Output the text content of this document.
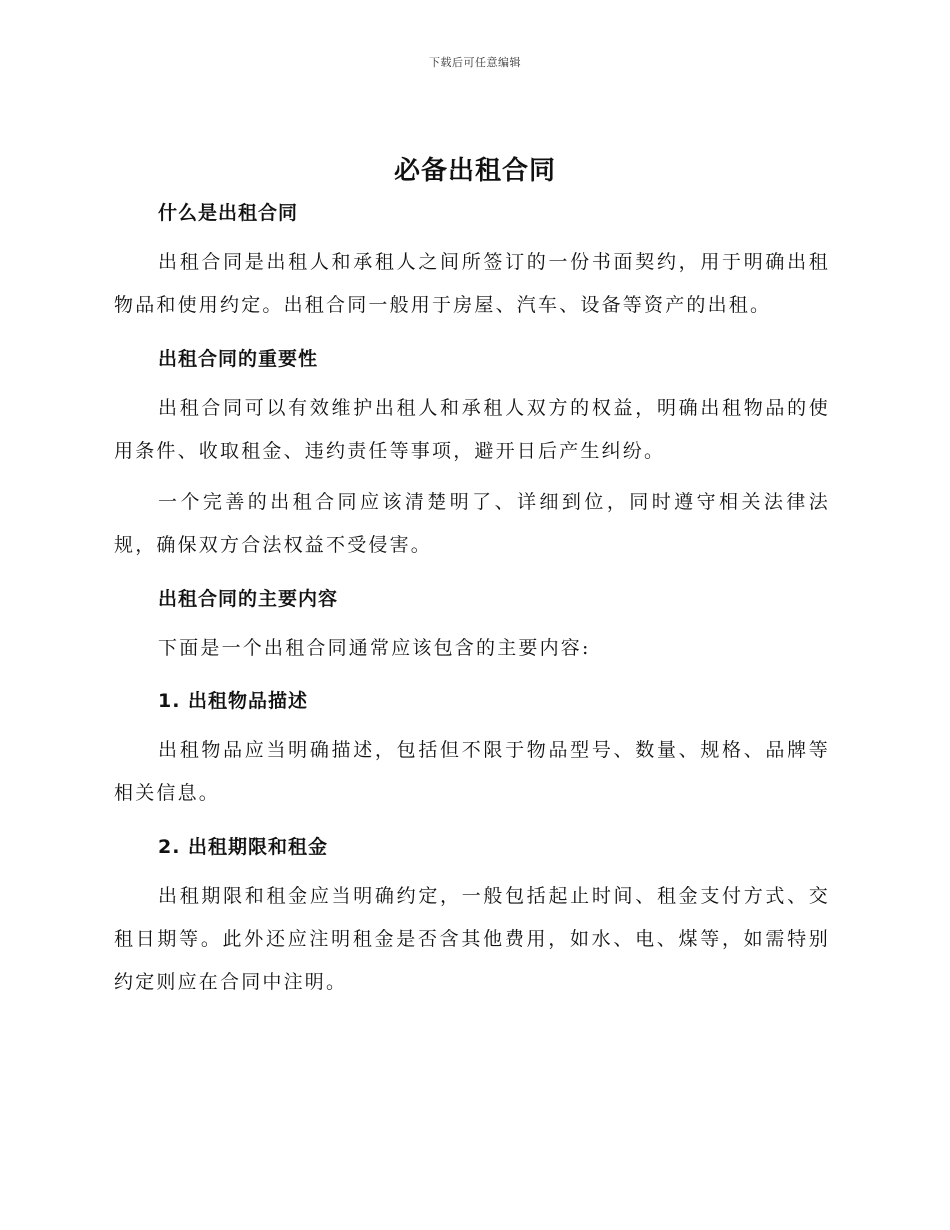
下载后可任意编辑
必备出租合同
什么是出租合同
出租合同是出租人和承租人之间所签订的一份书面契约，用于明确出租物品和使用约定。出租合同一般用于房屋、汽车、设备等资产的出租。
出租合同的重要性
出租合同可以有效维护出租人和承租人双方的权益，明确出租物品的使用条件、收取租金、违约责任等事项，避开日后产生纠纷。
一个完善的出租合同应该清楚明了、详细到位，同时遵守相关法律法规，确保双方合法权益不受侵害。
出租合同的主要内容
下面是一个出租合同通常应该包含的主要内容:
1. 出租物品描述
出租物品应当明确描述，包括但不限于物品型号、数量、规格、品牌等相关信息。
2. 出租期限和租金
出租期限和租金应当明确约定，一般包括起止时间、租金支付方式、交租日期等。此外还应注明租金是否含其他费用，如水、电、煤等，如需特别约定则应在合同中注明。
